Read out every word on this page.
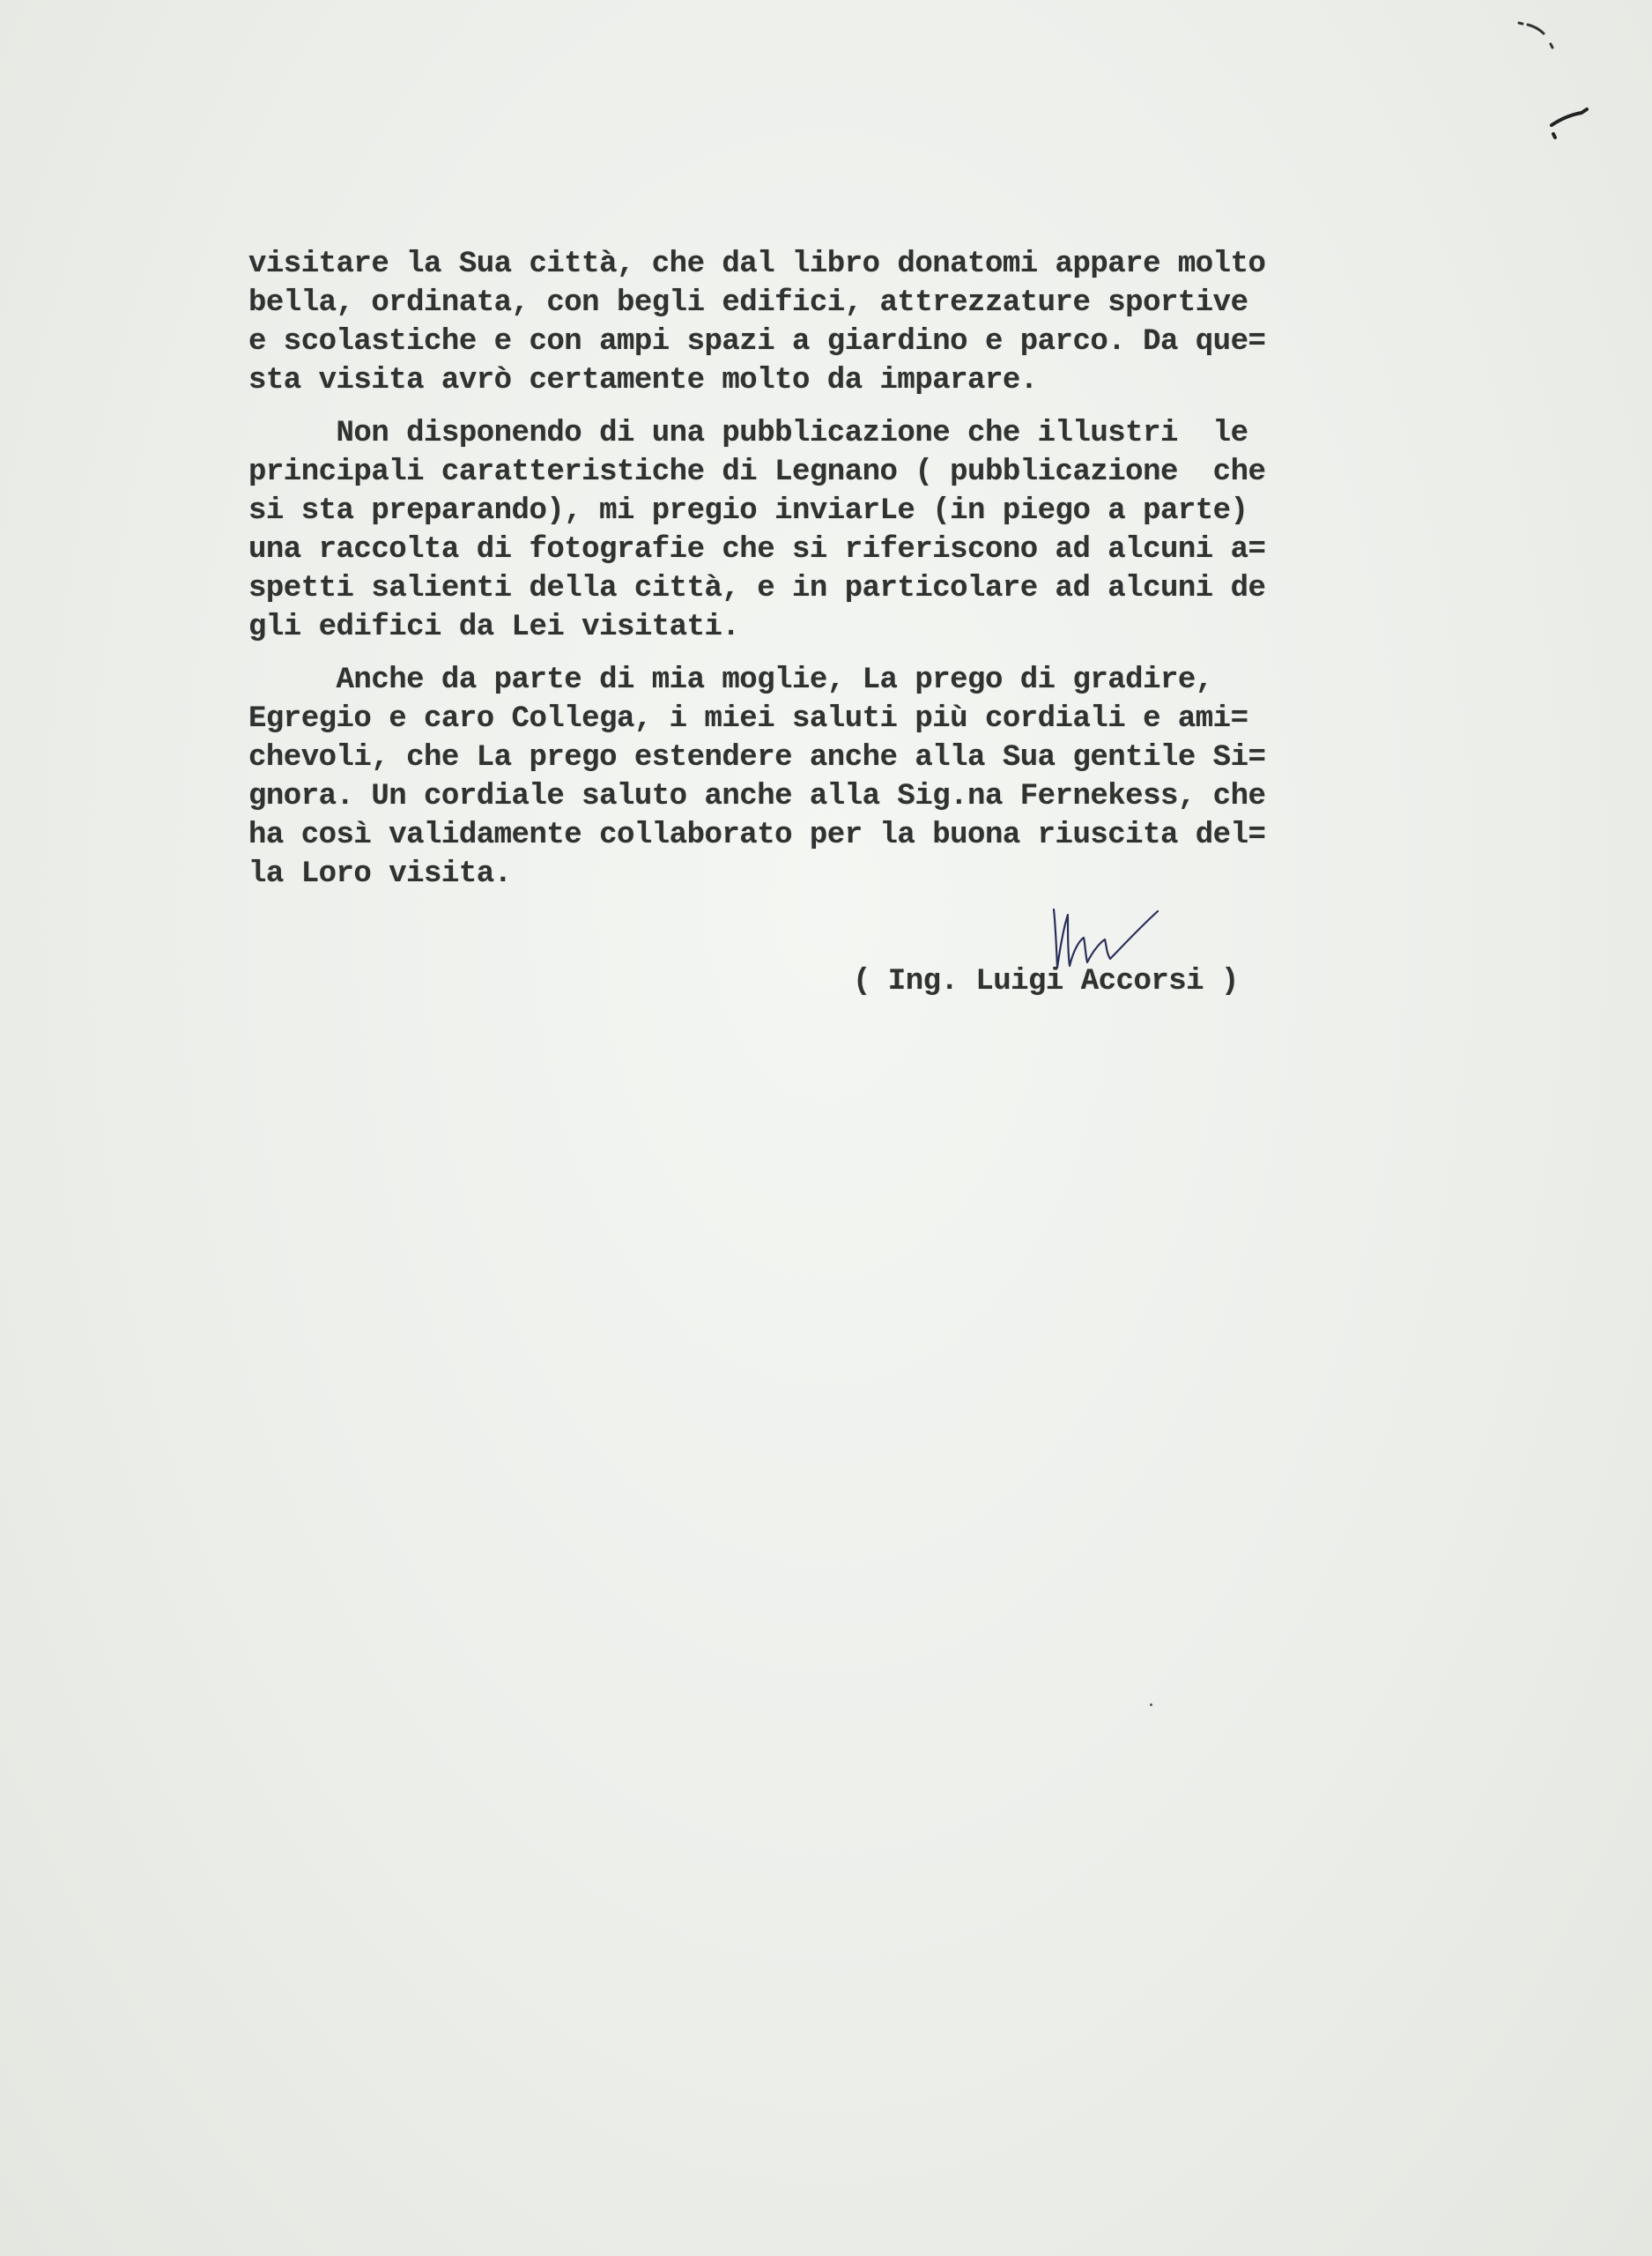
visitare la Sua città, che dal libro donatomi appare molto
bella, ordinata, con begli edifici, attrezzature sportive
e scolastiche e con ampi spazi a giardino e parco. Da que=
sta visita avrò certamente molto da imparare.
Non disponendo di una pubblicazione che illustri  le
principali caratteristiche di Legnano ( pubblicazione  che
si sta preparando), mi pregio inviarLe (in piego a parte)
una raccolta di fotografie che si riferiscono ad alcuni a=
spetti salienti della città, e in particolare ad alcuni de
gli edifici da Lei visitati.
Anche da parte di mia moglie, La prego di gradire,
Egregio e caro Collega, i miei saluti più cordiali e ami=
chevoli, che La prego estendere anche alla Sua gentile Si=
gnora. Un cordiale saluto anche alla Sig.na Fernekess, che
ha così validamente collaborato per la buona riuscita del=
la Loro visita.
( Ing. Luigi Accorsi )
